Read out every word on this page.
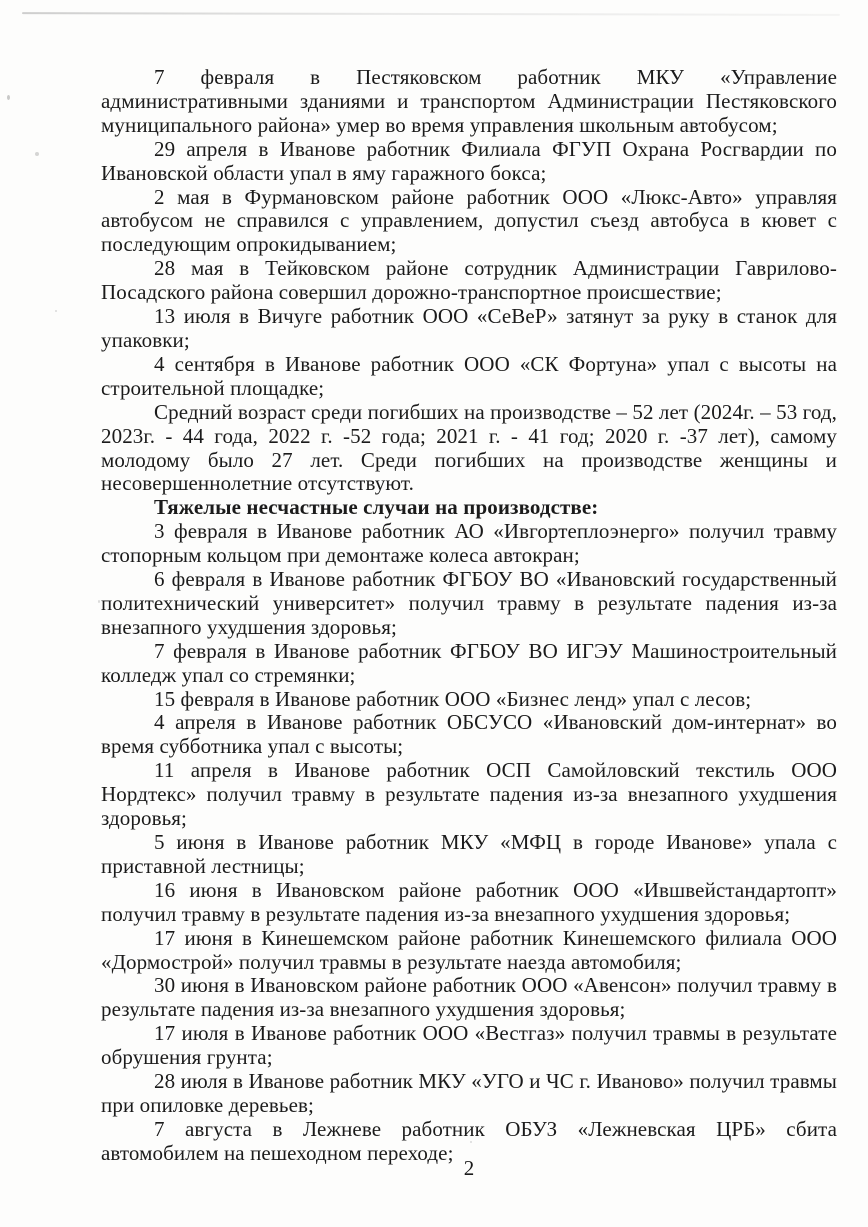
7 февраля в Пестяковском работник МКУ «Управление административными зданиями и транспортом Администрации Пестяковского муниципального района» умер во время управления школьным автобусом;

29 апреля в Иванове работник Филиала ФГУП Охрана Росгвардии по Ивановской области упал в яму гаражного бокса;

2 мая в Фурмановском районе работник ООО «Люкс-Авто» управляя автобусом не справился с управлением, допустил съезд автобуса в кювет с последующим опрокидыванием;

28 мая в Тейковском районе сотрудник Администрации Гаврилово-Посадского района совершил дорожно-транспортное происшествие;

13 июля в Вичуге работник ООО «СеВеР» затянут за руку в станок для упаковки;

4 сентября в Иванове работник ООО «СК Фортуна» упал с высоты на строительной площадке;

Средний возраст среди погибших на производстве – 52 лет (2024г. – 53 год, 2023г. - 44 года, 2022 г. -52 года; 2021 г. - 41 год; 2020 г. -37 лет), самому молодому было 27 лет. Среди погибших на производстве женщины и несовершеннолетние отсутствуют.

Тяжелые несчастные случаи на производстве:

3 февраля в Иванове работник АО «Ивгортеплоэнерго» получил травму стопорным кольцом при демонтаже колеса автокран;

6 февраля в Иванове работник ФГБОУ ВО «Ивановский государственный политехнический университет» получил травму в результате падения из-за внезапного ухудшения здоровья;

7 февраля в Иванове работник ФГБОУ ВО ИГЭУ Машиностроительный колледж упал со стремянки;

15 февраля в Иванове работник ООО «Бизнес ленд» упал с лесов;

4 апреля в Иванове работник ОБСУСО «Ивановский дом-интернат» во время субботника упал с высоты;

11 апреля в Иванове работник ОСП Самойловский текстиль ООО Нордтекс» получил травму в результате падения из-за внезапного ухудшения здоровья;

5 июня в Иванове работник МКУ «МФЦ в городе Иванове» упала с приставной лестницы;

16 июня в Ивановском районе работник ООО «Ившвейстандартопт» получил травму в результате падения из-за внезапного ухудшения здоровья;

17 июня в Кинешемском районе работник Кинешемского филиала ООО «Дормострой» получил травмы в результате наезда автомобиля;

30 июня в Ивановском районе работник ООО «Авенсон» получил травму в результате падения из-за внезапного ухудшения здоровья;

17 июля в Иванове работник ООО «Вестгаз» получил травмы в результате обрушения грунта;

28 июля в Иванове работник МКУ «УГО и ЧС г. Иваново» получил травмы при опиловке деревьев;

7 августа в Лежневе работник ОБУЗ «Лежневская ЦРБ» сбита автомобилем на пешеходном переходе;

2
